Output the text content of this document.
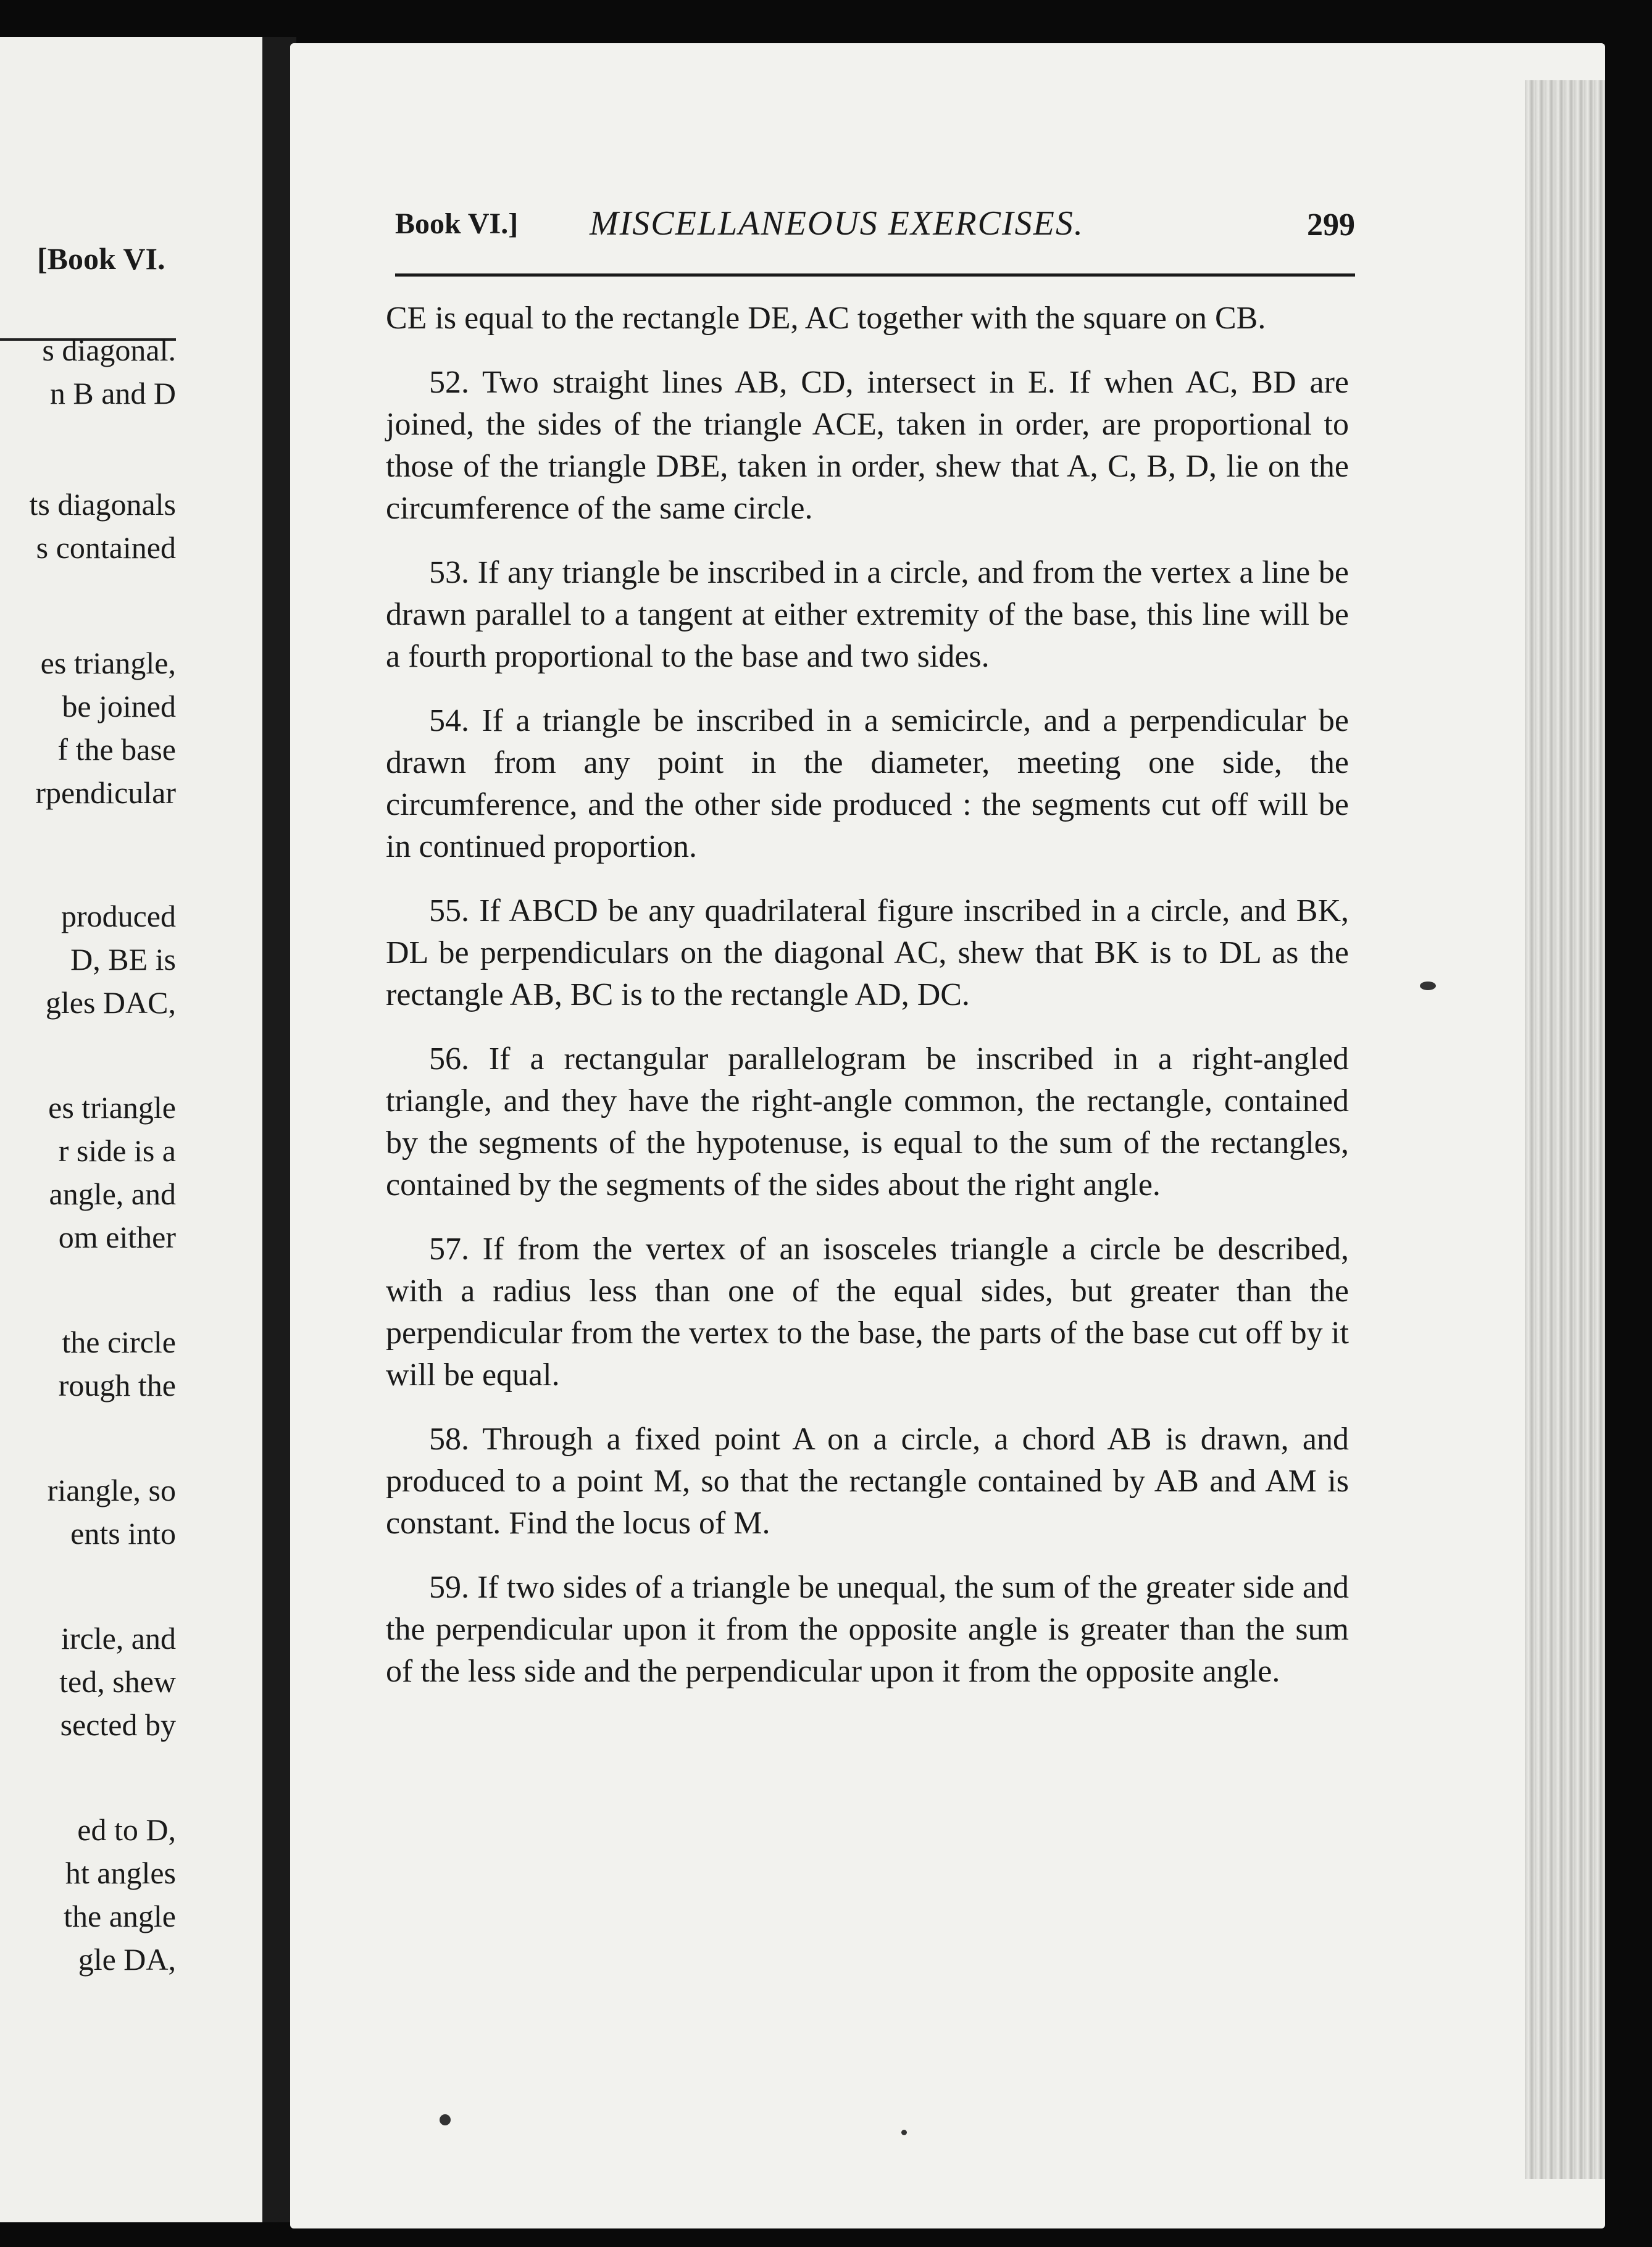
[Book VI.
s diagonal.
n B and D
ts diagonals
s contained
es triangle,
be joined
f the base
rpendicular
produced
D, BE is
gles DAC,
es triangle
r side is a
angle, and
om either
the circle
rough the
riangle, so
ents into
ircle, and
ted, shew
sected by
ed to D,
ht angles
the angle
gle DA,
Book VI.] MISCELLANEOUS EXERCISES.	299

CE is equal to the rectangle DE, AC together with the square on CB.

52. Two straight lines AB, CD, intersect in E. If when AC, BD are joined, the sides of the triangle ACE, taken in order, are proportional to those of the triangle DBE, taken in order, shew that A, C, B, D, lie on the circumference of the same circle.

53. If any triangle be inscribed in a circle, and from the vertex a line be drawn parallel to a tangent at either extremity of the base, this line will be a fourth proportional to the base and two sides.

54. If a triangle be inscribed in a semicircle, and a perpendicular be drawn from any point in the diameter, meeting one side, the circumference, and the other side produced : the segments cut off will be in continued proportion.

55. If ABCD be any quadrilateral figure inscribed in a circle, and BK, DL be perpendiculars on the diagonal AC, shew that BK is to DL as the rectangle AB, BC is to the rectangle AD, DC.

56. If a rectangular parallelogram be inscribed in a right-angled triangle, and they have the right-angle common, the rectangle, contained by the segments of the hypotenuse, is equal to the sum of the rectangles, contained by the segments of the sides about the right angle.

57. If from the vertex of an isosceles triangle a circle be described, with a radius less than one of the equal sides, but greater than the perpendicular from the vertex to the base, the parts of the base cut off by it will be equal.

58. Through a fixed point A on a circle, a chord AB is drawn, and produced to a point M, so that the rectangle contained by AB and AM is constant. Find the locus of M.

59. If two sides of a triangle be unequal, the sum of the greater side and the perpendicular upon it from the opposite angle is greater than the sum of the less side and the perpendicular upon it from the opposite angle.
